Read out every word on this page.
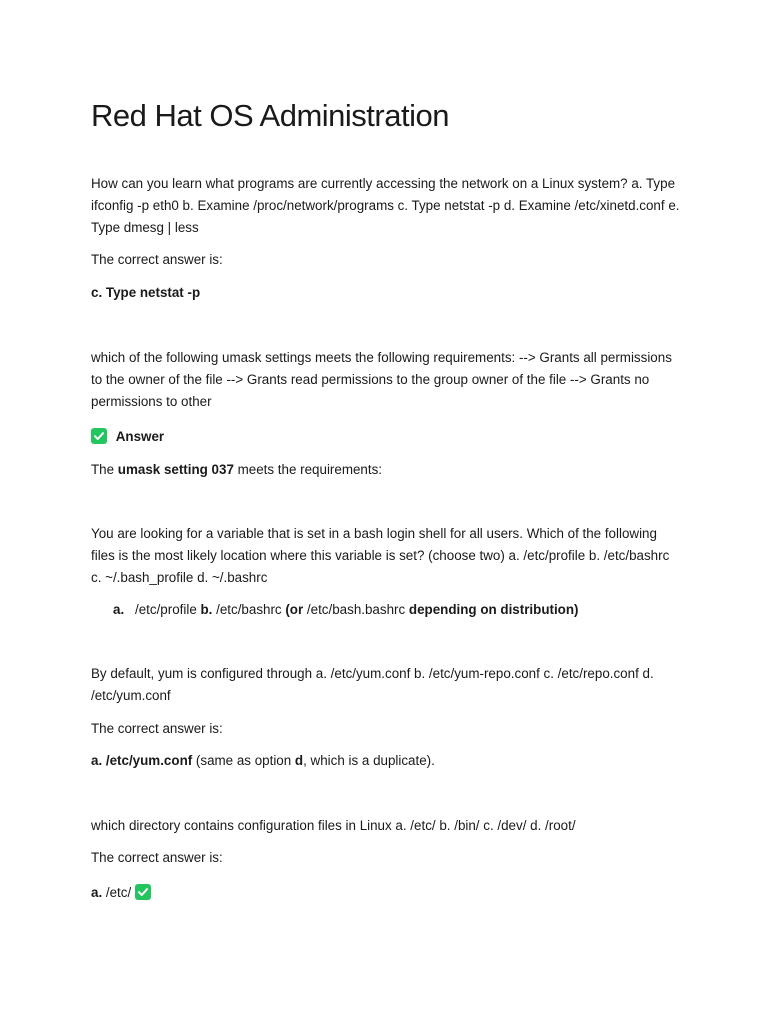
Red Hat OS Administration

How can you learn what programs are currently accessing the network on a Linux system? a. Type ifconfig -p eth0 b. Examine /proc/network/programs c. Type netstat -p d. Examine /etc/xinetd.conf e. Type dmesg | less

The correct answer is:

c. Type netstat -p

which of the following umask settings meets the following requirements: --> Grants all permissions to the owner of the file --> Grants read permissions to the group owner of the file --> Grants no permissions to other

Answer

The umask setting 037 meets the requirements:

You are looking for a variable that is set in a bash login shell for all users. Which of the following files is the most likely location where this variable is set? (choose two) a. /etc/profile b. /etc/bashrc c. ~/.bash_profile d. ~/.bashrc

a. /etc/profile b. /etc/bashrc (or /etc/bash.bashrc depending on distribution)

By default, yum is configured through a. /etc/yum.conf b. /etc/yum-repo.conf c. /etc/repo.conf d. /etc/yum.conf

The correct answer is:

a. /etc/yum.conf (same as option d, which is a duplicate).

which directory contains configuration files in Linux a. /etc/ b. /bin/ c. /dev/ d. /root/

The correct answer is:

a. /etc/
